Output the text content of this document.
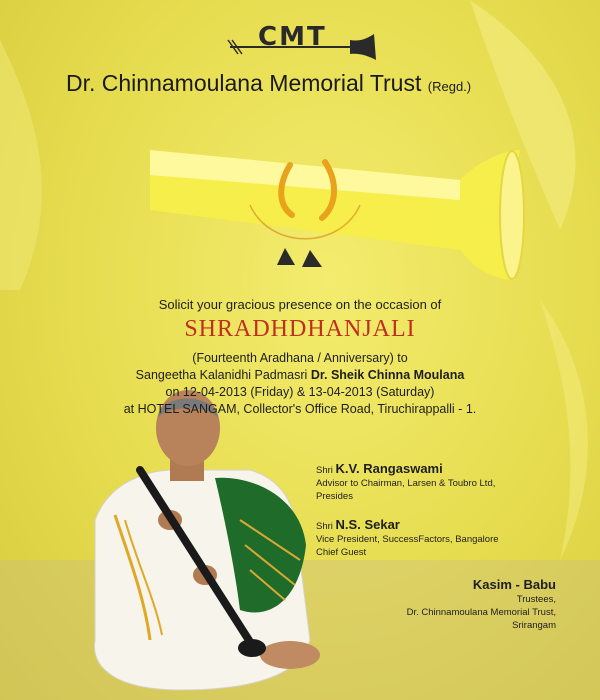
CMT
Dr. Chinnamoulana Memorial Trust (Regd.)
Solicit your gracious presence on the occasion of
SHRADHDHANJALI
(Fourteenth Aradhana / Anniversary) to
Sangeetha Kalanidhi Padmasri Dr. Sheik Chinna Moulana
on 12-04-2013 (Friday) & 13-04-2013 (Saturday)
at HOTEL SANGAM, Collector's Office Road, Tiruchirappalli - 1.
Shri K.V. Rangaswami
Advisor to Chairman, Larsen & Toubro Ltd,
Presides
Shri N.S. Sekar
Vice President, SuccessFactors, Bangalore
Chief Guest
Kasim - Babu
Trustees,
Dr. Chinnamoulana Memorial Trust,
Srirangam
